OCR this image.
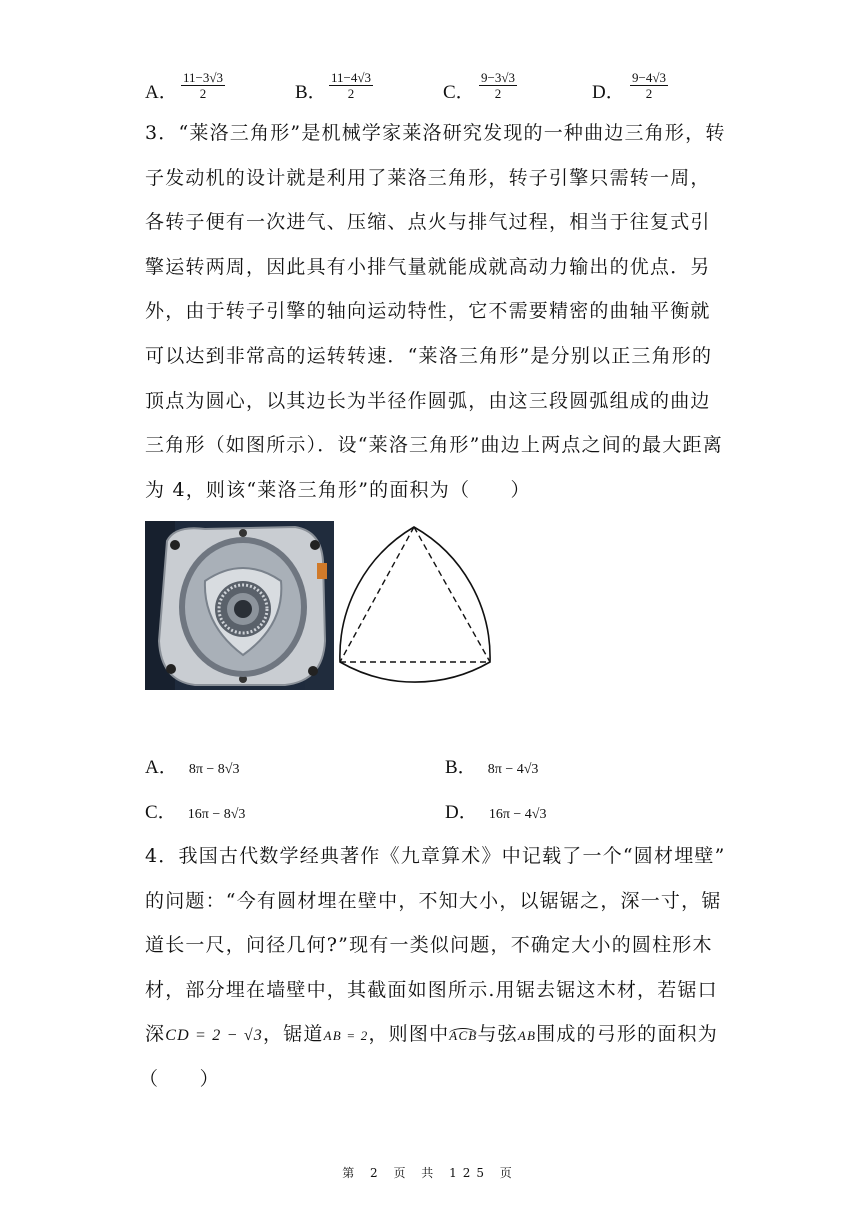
A． $\frac{11-3√3}{2}$	B． $\frac{11-4√3}{2}$	C． $\frac{9-3√3}{2}$	D． $\frac{9-4√3}{2}$
3．“莱洛三角形”是机械学家莱洛研究发现的一种曲边三角形，转
子发动机的设计就是利用了莱洛三角形，转子引擎只需转一周，
各转子便有一次进气、压缩、点火与排气过程，相当于往复式引
擎运转两周，因此具有小排气量就能成就高动力输出的优点．另
外，由于转子引擎的轴向运动特性，它不需要精密的曲轴平衡就
可以达到非常高的运转转速．“莱洛三角形”是分别以正三角形的
顶点为圆心，以其边长为半径作圆弧，由这三段圆弧组成的曲边
三角形（如图所示）．设“莱洛三角形”曲边上两点之间的最大距离
为 4，则该“莱洛三角形”的面积为（　　）
A． 8π − 8√3	B． 8π − 4√3
C． 16π − 8√3	D． 16π − 4√3
4．我国古代数学经典著作《九章算术》中记载了一个“圆材埋壁”
的问题：“今有圆材埋在壁中，不知大小，以锯锯之，深一寸，锯
道长一尺，问径几何?”现有一类似问题，不确定大小的圆柱形木
材，部分埋在墙壁中，其截面如图所示.用锯去锯这木材，若锯口
深CD = 2 − √3，锯道AB = 2，则图中ACB与弦AB围成的弓形的面积为
（　　）
第 2 页 共 125 页
